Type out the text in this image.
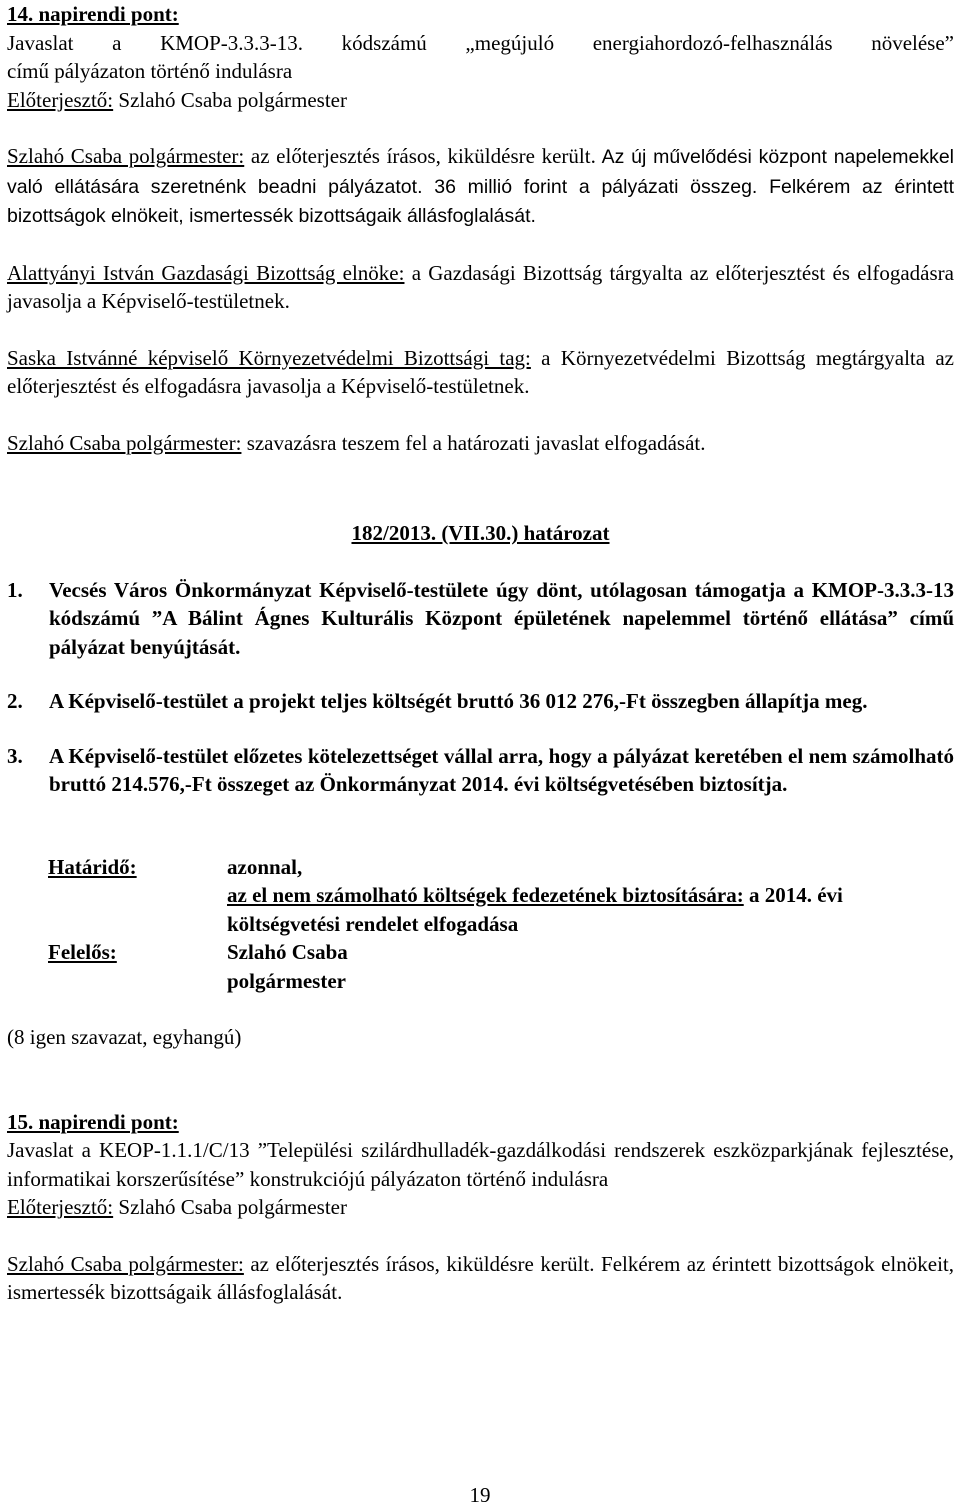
14. napirendi pont:

Javaslat a KMOP-3.3.3-13. kódszámú „megújuló energiahordozó-felhasználás növelése”

című pályázaton történő indulásra

Előterjesztő: Szlahó Csaba polgármester

Szlahó Csaba polgármester: az előterjesztés írásos, kiküldésre került. Az új művelődési központ napelemekkel való ellátására szeretnénk beadni pályázatot. 36 millió forint a pályázati összeg. Felkérem az érintett bizottságok elnökeit, ismertessék bizottságaik állásfoglalását.

Alattyányi István Gazdasági Bizottság elnöke: a Gazdasági Bizottság tárgyalta az előterjesztést és elfogadásra javasolja a Képviselő-testületnek.

Saska Istvánné képviselő Környezetvédelmi Bizottsági tag: a Környezetvédelmi Bizottság megtárgyalta az előterjesztést és elfogadásra javasolja a Képviselő-testületnek.

Szlahó Csaba polgármester: szavazásra teszem fel a határozati javaslat elfogadását.

182/2013. (VII.30.) határozat

1. Vecsés Város Önkormányzat Képviselő-testülete úgy dönt, utólagosan támogatja a KMOP-3.3.3-13 kódszámú ”A Bálint Ágnes Kulturális Központ épületének napelemmel történő ellátása” című pályázat benyújtását.
2. A Képviselő-testület a projekt teljes költségét bruttó 36 012 276,-Ft összegben állapítja meg.
3. A Képviselő-testület előzetes kötelezettséget vállal arra, hogy a pályázat keretében el nem számolható bruttó 214.576,-Ft összeget az Önkormányzat 2014. évi költségvetésében biztosítja.
Határidő:	azonnal,
az el nem számolható költségek fedezetének biztosítására: a 2014. évi költségvetési rendelet elfogadása
Felelős:	Szlahó Csaba
polgármester

(8 igen szavazat, egyhangú)

15. napirendi pont:

Javaslat a KEOP-1.1.1/C/13 ”Települési szilárdhulladék-gazdálkodási rendszerek eszközparkjának fejlesztése, informatikai korszerűsítése” konstrukciójú pályázaton történő indulásra

Előterjesztő: Szlahó Csaba polgármester

Szlahó Csaba polgármester: az előterjesztés írásos, kiküldésre került. Felkérem az érintett bizottságok elnökeit, ismertessék bizottságaik állásfoglalását.

19
